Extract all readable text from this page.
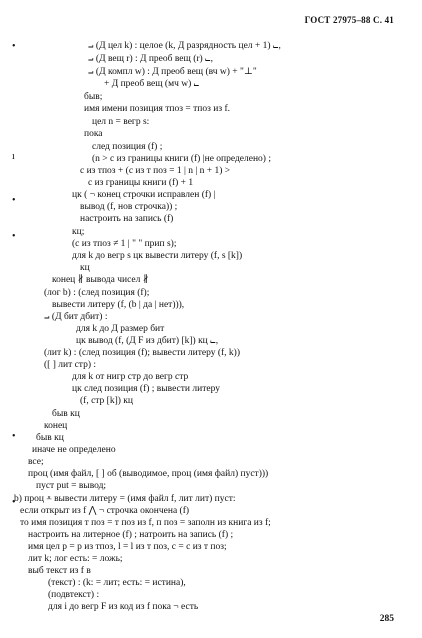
ГОСТ 27975–88 С. 41
•
ı
•
•
•
•
⨼ (Д цел k) : целое (k, Д разрядность цел + 1) ⨽,
⨼ (Д вещ r) : Д преоб вещ (r) ⨽,
⨼ (Д компл w) : Д преоб вещ (вч w) + "⊥"
+ Д преоб вещ (мч w) ⨽
быв;
имя имени позиция тпоз = тпоз из f.
цел n = вегр s:
пока
след позиция (f) ;
(n > с из границы книги (f) |не определено) ;
с из тпоз + (с из т поз = 1 | n | n + 1) >
с из границы книги (f) + 1
цк ( ¬ конец строчки исправлен (f) |
вывод (f, нов строчка)) ;
настроить на запись (f)
кц;
(с из тпоз ≠ 1 | " " прип s);
для k до вегр s цк вывести литеру (f, s [k])
кц
конец ∦ вывода чисел ∦
(лог b) : (след позиция (f);
вывести литеру (f, (b | да | нет))),
⨼ (Д бит дбит) :
для k до Д размер бит
цк вывод (f, (Д F из дбит) [k]) кц ⨽,
(лит k) : (след позиция (f); вывести литеру (f, k))
([ ] лит стр) :
для k от нигр стр до вегр стр
цк след позиция (f) ; вывести литеру
(f, стр [k]) кц
быв кц
конец
быв кц
иначе не определено
все;
проц (имя файл, [ ] об (выводимое, проц (имя файл) пуст)))
пуст put = вывод;
b) проц ⩡ вывести литеру = (имя файл f, лит лит) пуст:
если открыт из f ⋀ ¬ строчка окончена (f)
то имя позиция т поз = т поз из f, п поз = заполн из книга из f;
настроить на литерное (f) ; натроить на запись (f) ;
имя цел р = р из тпоз, l = l из т поз, с = с из т поз;
лит k; лог есть: = ложь;
выб текст из f в
(текст) : (k: = лит; есть: = истина),
(подвтекст) :
для i до вегр F из код из f пока ¬ есть
285
